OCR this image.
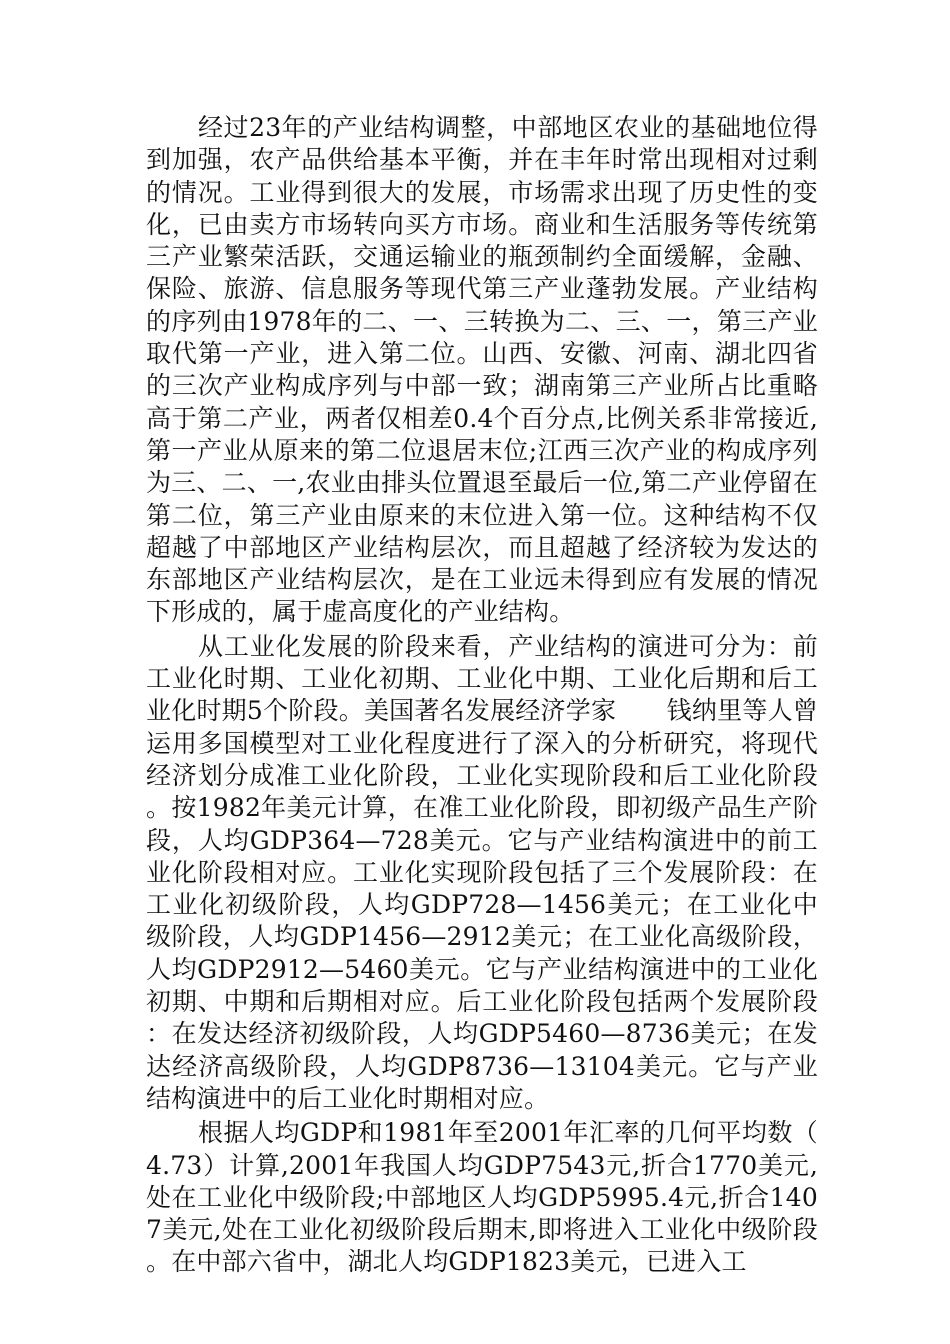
经过23年的产业结构调整，中部地区农业的基础地位得到加强，农产品供给基本平衡，并在丰年时常出现相对过剩的情况。工业得到很大的发展，市场需求出现了历史性的变化，已由卖方市场转向买方市场。商业和生活服务等传统第三产业繁荣活跃，交通运输业的瓶颈制约全面缓解，金融、保险、旅游、信息服务等现代第三产业蓬勃发展。产业结构的序列由1978年的二、一、三转换为二、三、一，第三产业取代第一产业，进入第二位。山西、安徽、河南、湖北四省的三次产业构成序列与中部一致；湖南第三产业所占比重略高于第二产业，两者仅相差0.4个百分点,比例关系非常接近,第一产业从原来的第二位退居末位;江西三次产业的构成序列为三、二、一,农业由排头位置退至最后一位,第二产业停留在第二位，第三产业由原来的末位进入第一位。这种结构不仅超越了中部地区产业结构层次，而且超越了经济较为发达的东部地区产业结构层次，是在工业远未得到应有发展的情况下形成的，属于虚高度化的产业结构。

从工业化发展的阶段来看，产业结构的演进可分为：前工业化时期、工业化初期、工业化中期、工业化后期和后工业化时期5个阶段。美国著名发展经济学家　　钱纳里等人曾运用多国模型对工业化程度进行了深入的分析研究，将现代经济划分成准工业化阶段，工业化实现阶段和后工业化阶段。按1982年美元计算，在准工业化阶段，即初级产品生产阶段，人均GDP364—728美元。它与产业结构演进中的前工业化阶段相对应。工业化实现阶段包括了三个发展阶段：在工业化初级阶段，人均GDP728—1456美元；在工业化中级阶段，人均GDP1456—2912美元；在工业化高级阶段，人均GDP2912—5460美元。它与产业结构演进中的工业化初期、中期和后期相对应。后工业化阶段包括两个发展阶段：在发达经济初级阶段，人均GDP5460—8736美元；在发达经济高级阶段，人均GDP8736—13104美元。它与产业结构演进中的后工业化时期相对应。

根据人均GDP和1981年至2001年汇率的几何平均数（4.73）计算,2001年我国人均GDP7543元,折合1770美元,处在工业化中级阶段;中部地区人均GDP5995.4元,折合1407美元,处在工业化初级阶段后期末,即将进入工业化中级阶段。在中部六省中，湖北人均GDP1823美元，已进入工
